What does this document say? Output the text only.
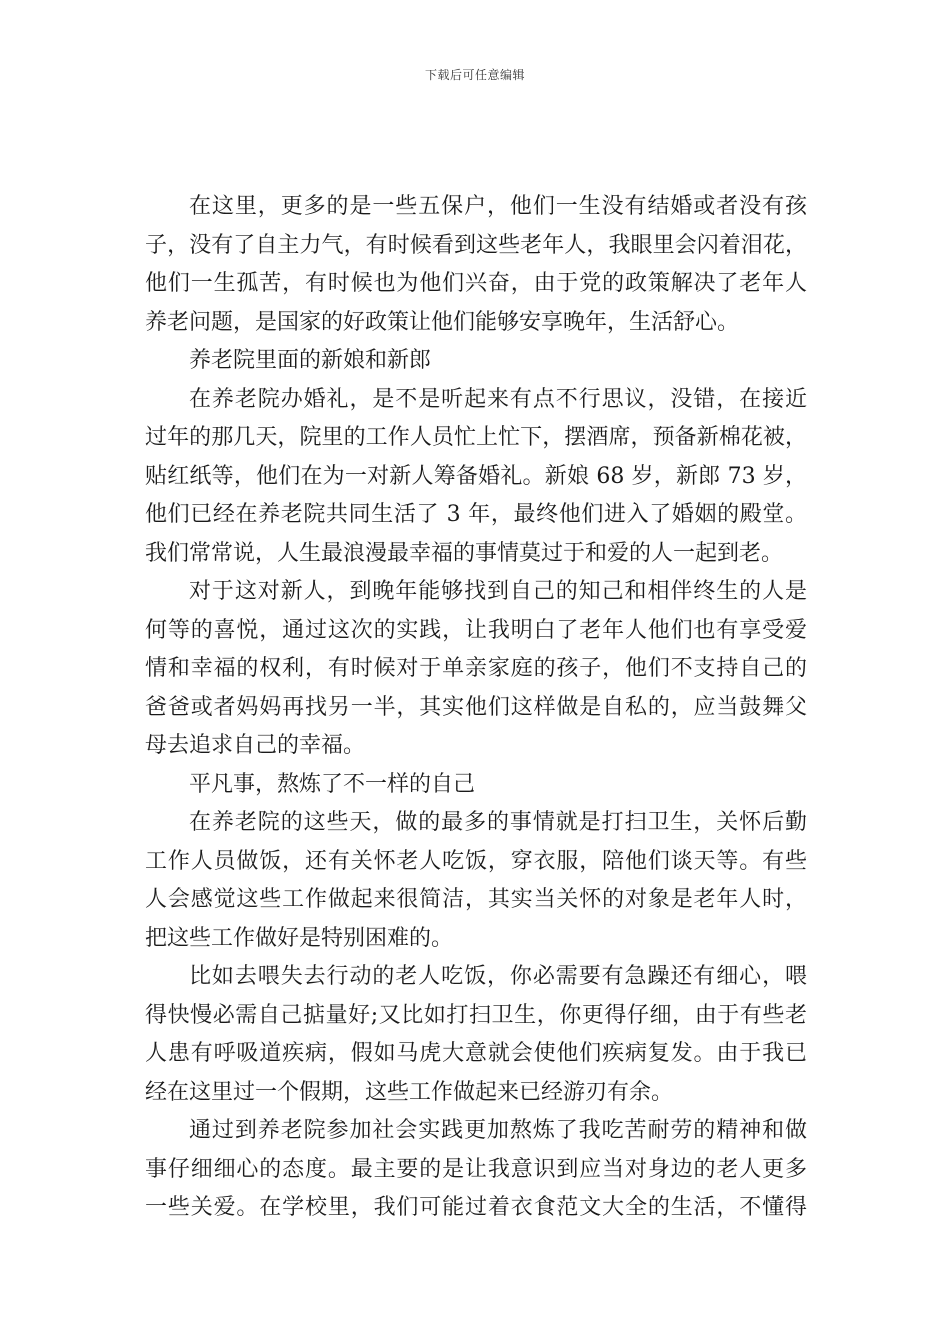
下载后可任意编辑
在这里，更多的是一些五保户，他们一生没有结婚或者没有孩
子，没有了自主力气，有时候看到这些老年人，我眼里会闪着泪花，
他们一生孤苦，有时候也为他们兴奋，由于党的政策解决了老年人
养老问题，是国家的好政策让他们能够安享晚年，生活舒心。
养老院里面的新娘和新郎
在养老院办婚礼，是不是听起来有点不行思议，没错，在接近
过年的那几天，院里的工作人员忙上忙下，摆酒席，预备新棉花被，
贴红纸等，他们在为一对新人筹备婚礼。新娘 68 岁，新郎 73 岁，
他们已经在养老院共同生活了 3 年，最终他们进入了婚姻的殿堂。
我们常常说，人生最浪漫最幸福的事情莫过于和爱的人一起到老。
对于这对新人，到晚年能够找到自己的知己和相伴终生的人是
何等的喜悦，通过这次的实践，让我明白了老年人他们也有享受爱
情和幸福的权利，有时候对于单亲家庭的孩子，他们不支持自己的
爸爸或者妈妈再找另一半，其实他们这样做是自私的，应当鼓舞父
母去追求自己的幸福。
平凡事，熬炼了不一样的自己
在养老院的这些天，做的最多的事情就是打扫卫生，关怀后勤
工作人员做饭，还有关怀老人吃饭，穿衣服，陪他们谈天等。有些
人会感觉这些工作做起来很简洁，其实当关怀的对象是老年人时，
把这些工作做好是特别困难的。
比如去喂失去行动的老人吃饭，你必需要有急躁还有细心，喂
得快慢必需自己掂量好;又比如打扫卫生，你更得仔细，由于有些老
人患有呼吸道疾病，假如马虎大意就会使他们疾病复发。由于我已
经在这里过一个假期，这些工作做起来已经游刃有余。
通过到养老院参加社会实践更加熬炼了我吃苦耐劳的精神和做
事仔细细心的态度。最主要的是让我意识到应当对身边的老人更多
一些关爱。在学校里，我们可能过着衣食范文大全的生活，不懂得
